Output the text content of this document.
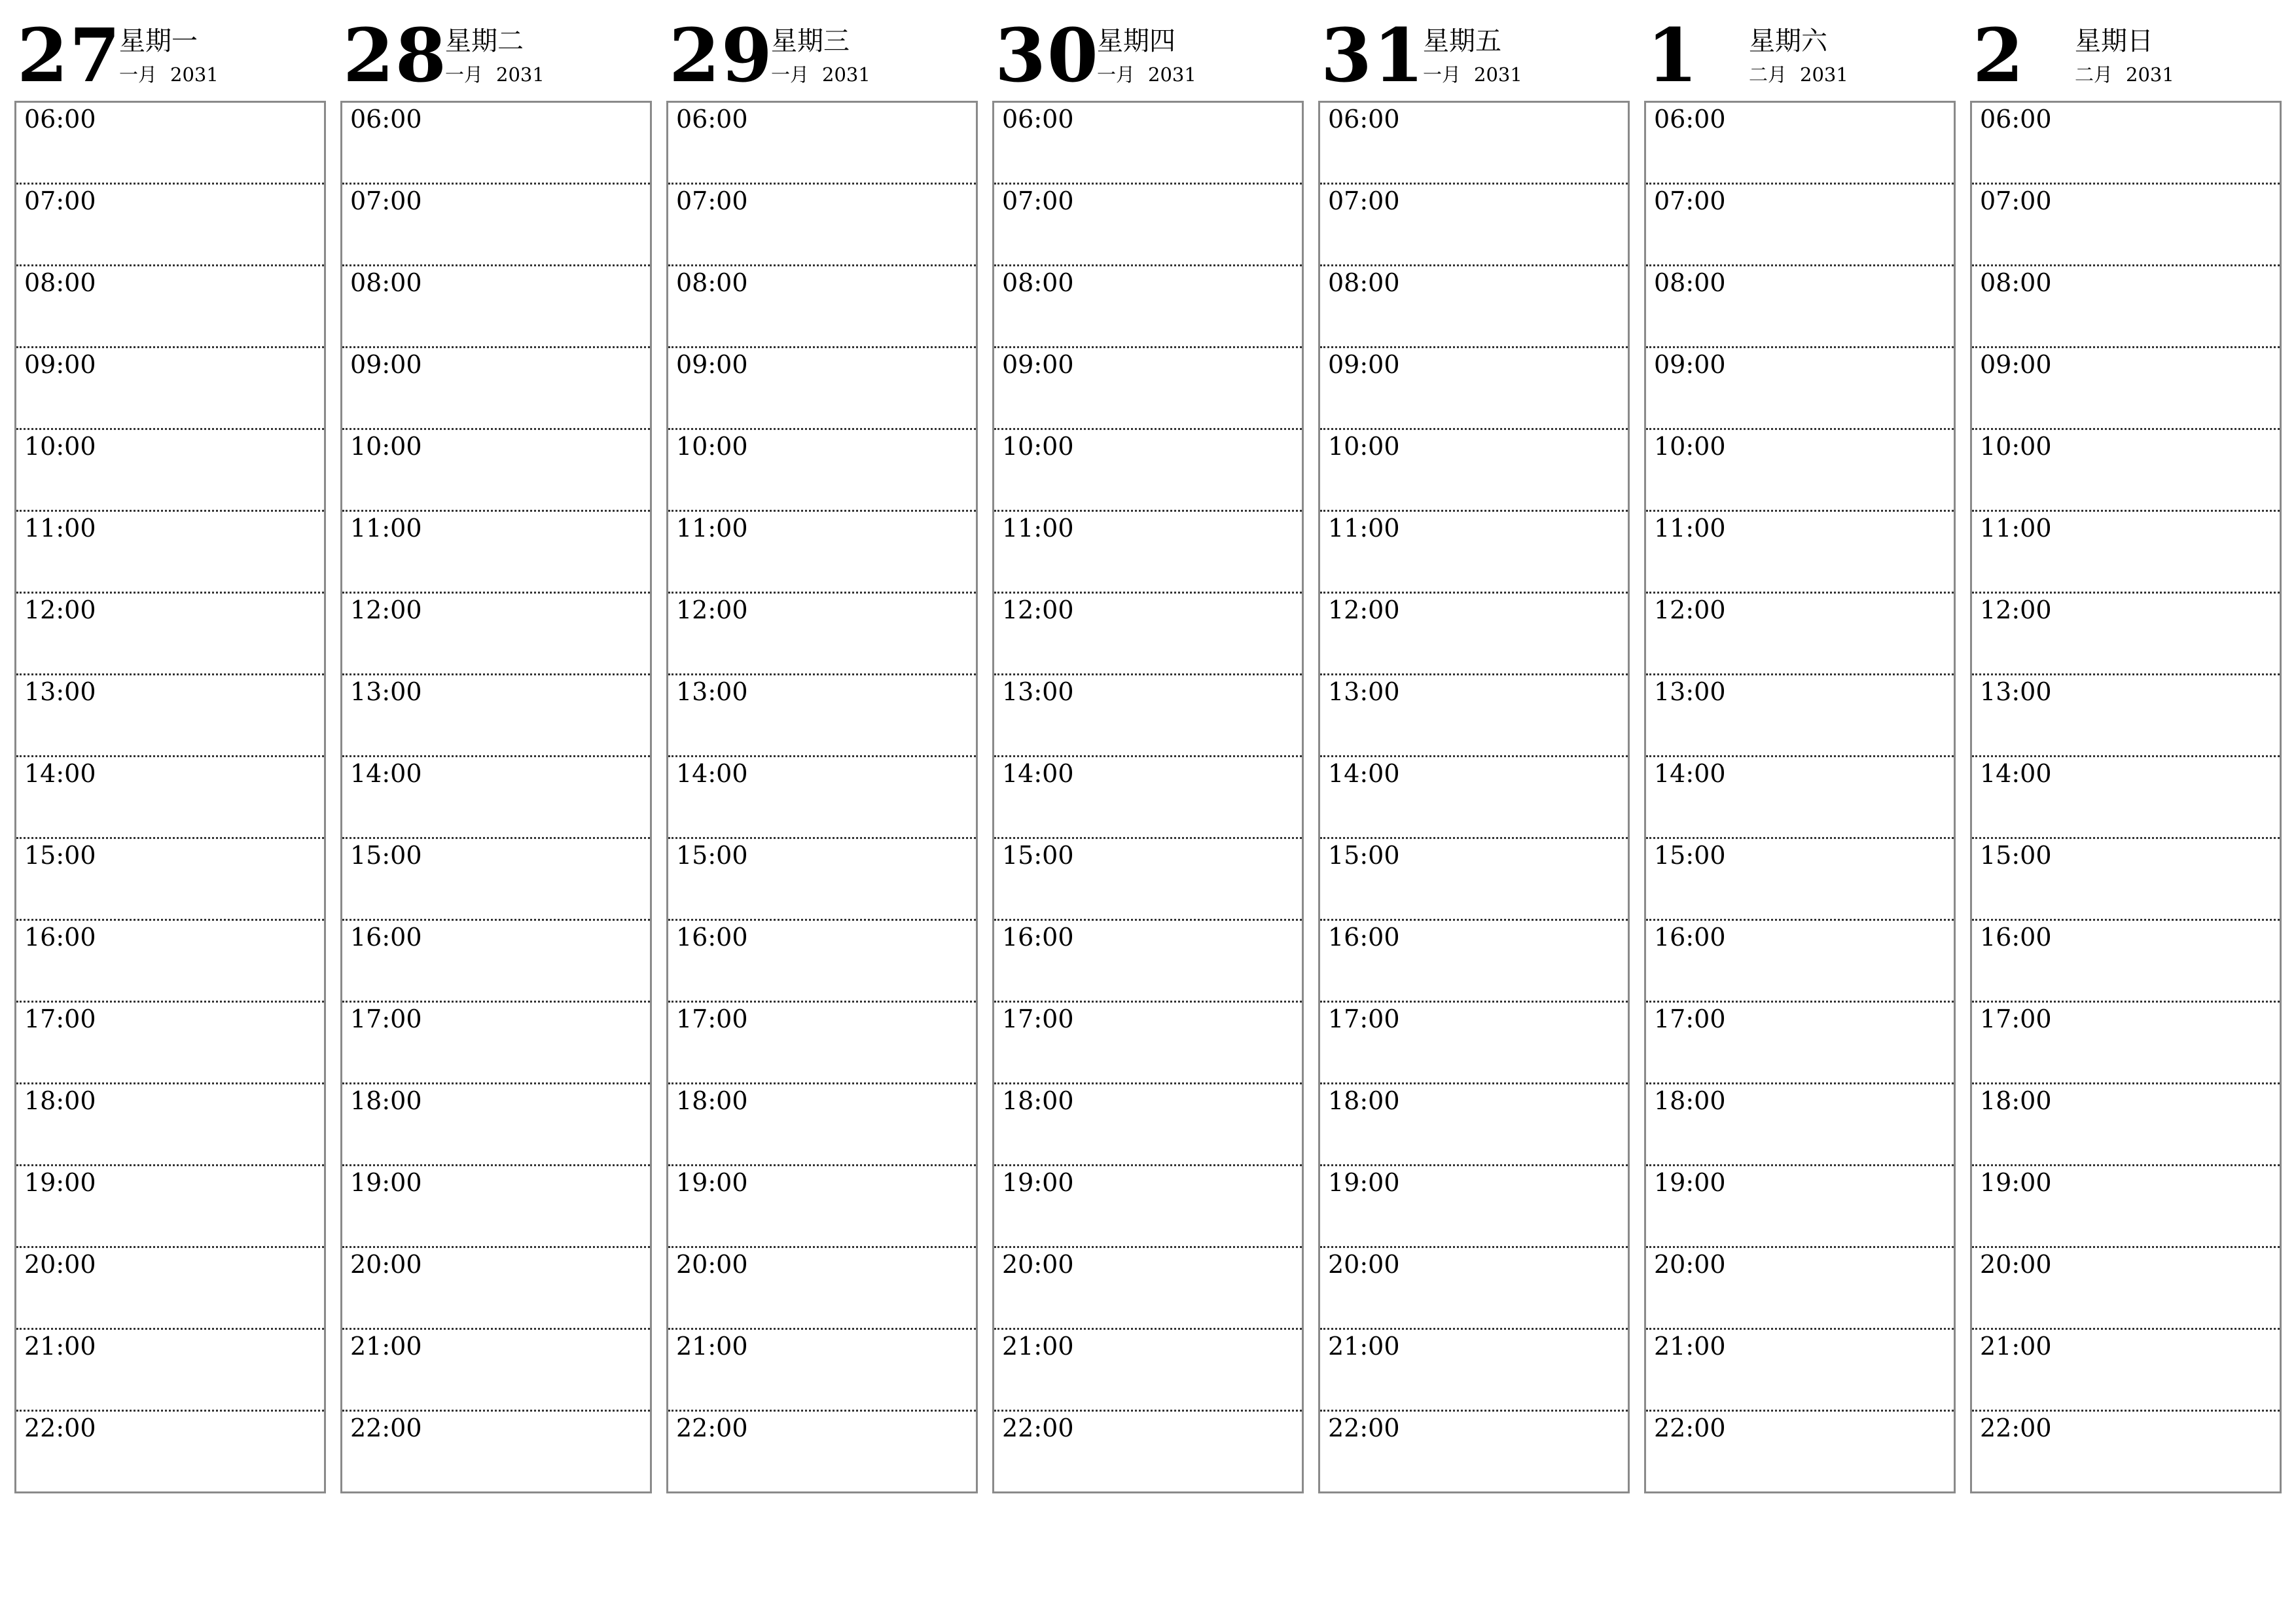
27
星期一
一月 2031
06:00
07:00
08:00
09:00
10:00
11:00
12:00
13:00
14:00
15:00
16:00
17:00
18:00
19:00
20:00
21:00
22:00
28
星期二
一月 2031
06:00
07:00
08:00
09:00
10:00
11:00
12:00
13:00
14:00
15:00
16:00
17:00
18:00
19:00
20:00
21:00
22:00
29
星期三
一月 2031
06:00
07:00
08:00
09:00
10:00
11:00
12:00
13:00
14:00
15:00
16:00
17:00
18:00
19:00
20:00
21:00
22:00
30
星期四
一月 2031
06:00
07:00
08:00
09:00
10:00
11:00
12:00
13:00
14:00
15:00
16:00
17:00
18:00
19:00
20:00
21:00
22:00
31
星期五
一月 2031
06:00
07:00
08:00
09:00
10:00
11:00
12:00
13:00
14:00
15:00
16:00
17:00
18:00
19:00
20:00
21:00
22:00
1 星期六
二月 2031
06:00
07:00
08:00
09:00
10:00
11:00
12:00
13:00
14:00
15:00
16:00
17:00
18:00
19:00
20:00
21:00
22:00
2 星期日
二月 2031
06:00
07:00
08:00
09:00
10:00
11:00
12:00
13:00
14:00
15:00
16:00
17:00
18:00
19:00
20:00
21:00
22:00
